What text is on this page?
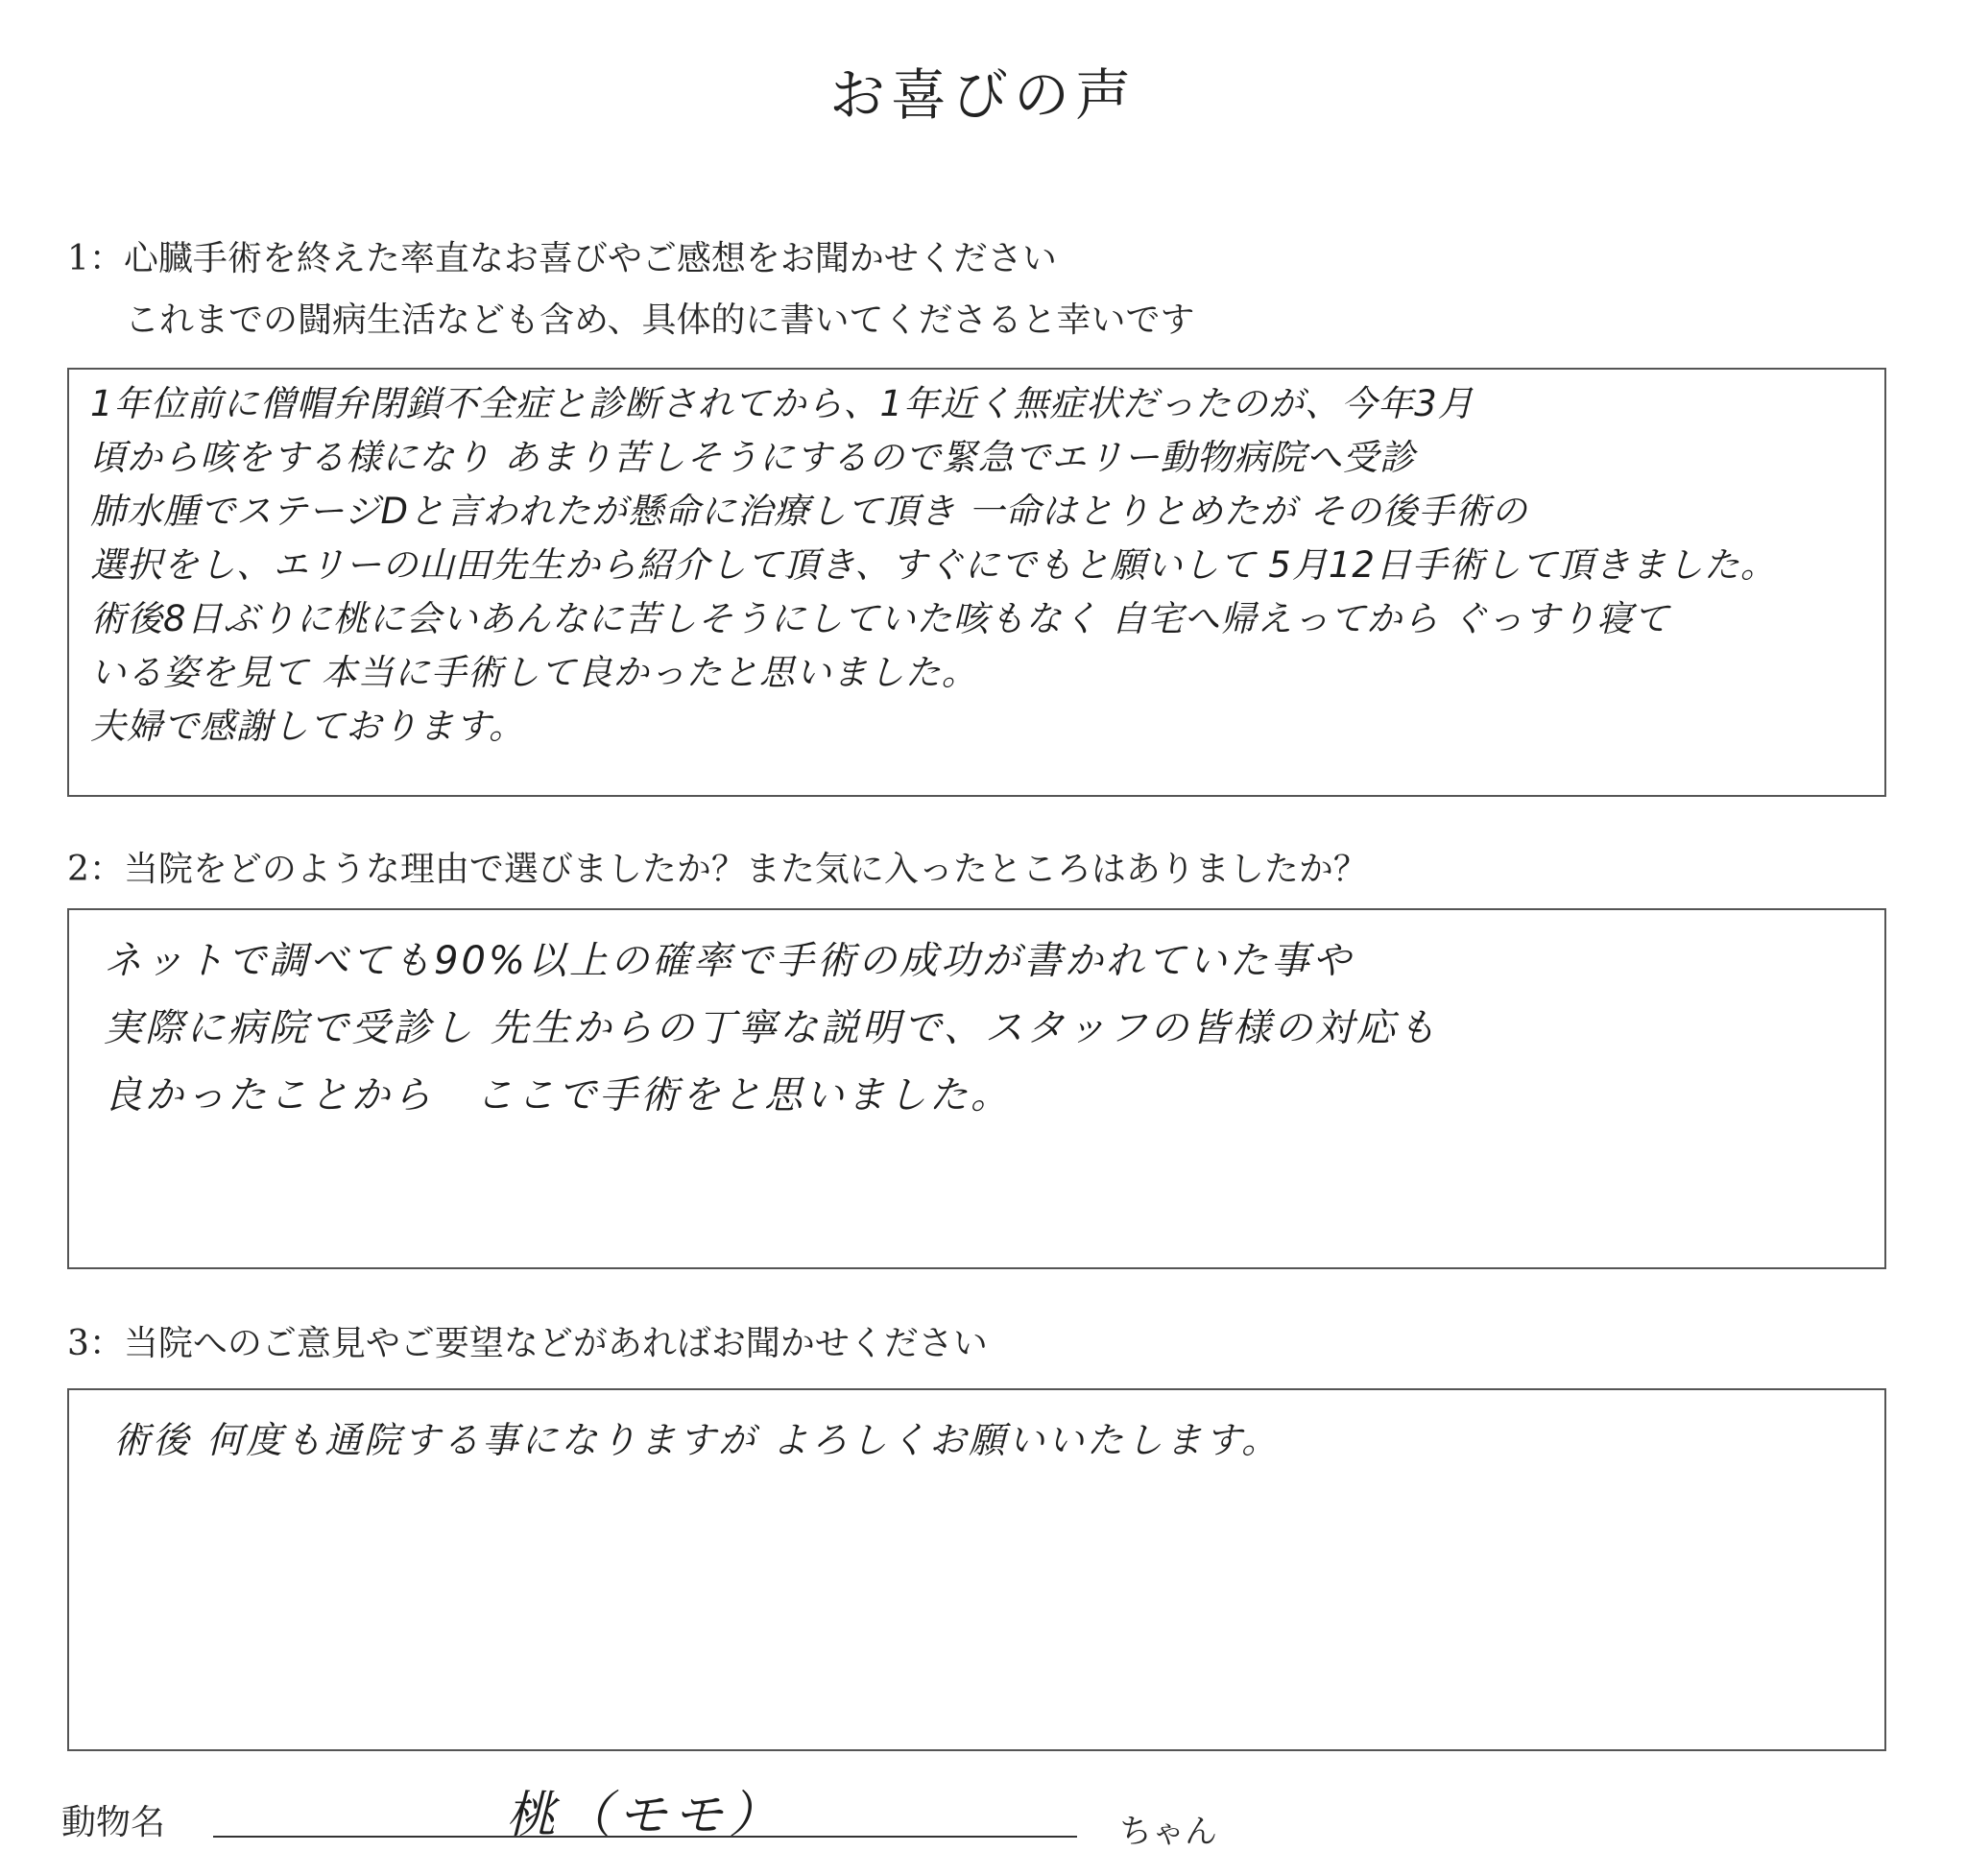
お喜びの声
1：心臓手術を終えた率直なお喜びやご感想をお聞かせください
これまでの闘病生活なども含め、具体的に書いてくださると幸いです

1年位前に僧帽弁閉鎖不全症と診断されてから、1年近く無症状だったのが、今年3月

頃から咳をする様になり あまり苦しそうにするので緊急でエリー動物病院へ受診

肺水腫でステージDと言われたが懸命に治療して頂き 一命はとりとめたが その後手術の

選択をし、エリーの山田先生から紹介して頂き、すぐにでもと願いして 5月12日手術して頂きました。

術後8日ぶりに桃に会いあんなに苦しそうにしていた咳もなく 自宅へ帰えってから ぐっすり寝て

いる姿を見て 本当に手術して良かったと思いました。

夫婦で感謝しております。

2：当院をどのような理由で選びましたか？また気に入ったところはありましたか？

ネットで調べても90%以上の確率で手術の成功が書かれていた事や

実際に病院で受診し 先生からの丁寧な説明で、スタッフの皆様の対応も

良かったことから　ここで手術をと思いました。

3：当院へのご意見やご要望などがあればお聞かせください

術後 何度も通院する事になりますが よろしくお願いいたします。

動物名	桃（モモ）	ちゃん
